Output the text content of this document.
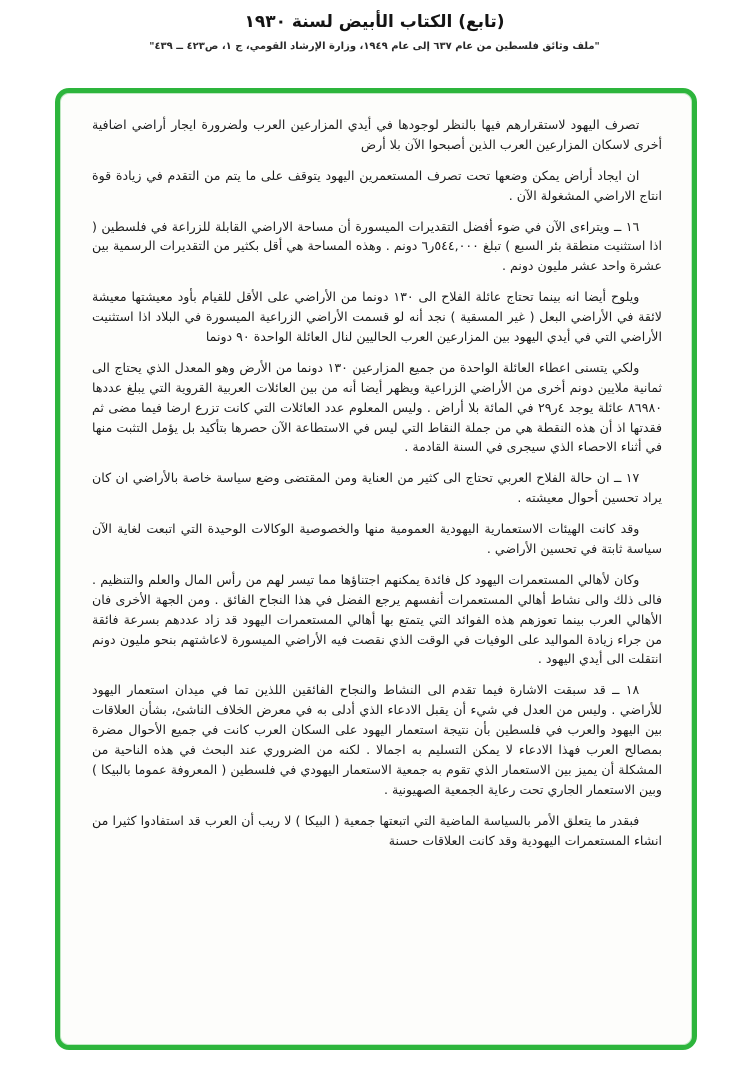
(تابع) الكتاب الأبيض لسنة ١٩٣٠
"ملف وثائق فلسطين من عام ٦٣٧ إلى عام ١٩٤٩، وزارة الإرشاد القومي، ج ١، ص٤٢٣ ــ ٤٣٩"

تصرف اليهود لاستقرارهم فيها بالنظر لوجودها في أيدي المزارعين العرب ولضرورة ايجار أراضي اضافية أخرى لاسكان المزارعين العرب الذين أصبحوا الآن بلا أرض

ان ايجاد أراض يمكن وضعها تحت تصرف المستعمرين اليهود يتوقف على ما يتم من التقدم في زيادة قوة انتاج الاراضي المشغولة الآن .

١٦ ــ ويتراءى الآن في ضوء أفضل التقديرات الميسورة أن مساحة الاراضي القابلة للزراعة في فلسطين ( اذا استثنيت منطقة بئر السبع ) تبلغ ٥٤٤,٠٠٠ر٦ دونم . وهذه المساحة هي أقل بكثير من التقديرات الرسمية بين عشرة واحد عشر مليون دونم .

ويلوح أيضا انه بينما تحتاج عائلة الفلاح الى ١٣٠ دونما من الأراضي على الأقل للقيام بأود معيشتها معيشة لائقة في الأراضي البعل ( غير المسقية ) نجد أنه لو قسمت الأراضي الزراعية الميسورة في البلاد اذا استثنيت الأراضي التي في أيدي اليهود بين المزارعين العرب الحاليين لنال العائلة الواحدة ٩٠ دونما

ولكي يتسنى اعطاء العائلة الواحدة من جميع المزارعين ١٣٠ دونما من الأرض وهو المعدل الذي يحتاج الى ثمانية ملايين دونم أخرى من الأراضي الزراعية ويظهر أيضا أنه من بين العائلات العربية القروية التي يبلغ عددها ٨٦٩٨٠ عائلة يوجد ٤ر٢٩ في المائة بلا أراض . وليس المعلوم عدد العائلات التي كانت تزرع ارضا فيما مضى ثم فقدتها اذ أن هذه النقطة هي من جملة النقاط التي ليس في الاستطاعة الآن حصرها بتأكيد بل يؤمل التثبت منها في أثناء الاحصاء الذي سيجرى في السنة القادمة .

١٧ ــ ان حالة الفلاح العربي تحتاج الى كثير من العناية ومن المقتضى وضع سياسة خاصة بالأراضي ان كان يراد تحسين أحوال معيشته .

وقد كانت الهيئات الاستعمارية اليهودية العمومية منها والخصوصية الوكالات الوحيدة التي اتبعت لغاية الآن سياسة ثابتة في تحسين الأراضي .

وكان لأهالي المستعمرات اليهود كل فائدة يمكنهم اجتناؤها مما تيسر لهم من رأس المال والعلم والتنظيم . فالى ذلك والى نشاط أهالي المستعمرات أنفسهم يرجع الفضل في هذا النجاح الفائق . ومن الجهة الأخرى فان الأهالي العرب بينما تعوزهم هذه الفوائد التي يتمتع بها أهالي المستعمرات اليهود قد زاد عددهم بسرعة فائقة من جراء زيادة المواليد على الوفيات في الوقت الذي نقصت فيه الأراضي الميسورة لاعاشتهم بنحو مليون دونم انتقلت الى أيدي اليهود .

١٨ ــ قد سبقت الاشارة فيما تقدم الى النشاط والنجاح الفائقين اللذين تما في ميدان استعمار اليهود للأراضي . وليس من العدل في شيء أن يقبل الادعاء الذي أدلى به في معرض الخلاف الناشئ، بشأن العلاقات بين اليهود والعرب في فلسطين بأن نتيجة استعمار اليهود على السكان العرب كانت في جميع الأحوال مضرة بمصالح العرب فهذا الادعاء لا يمكن التسليم به اجمالا . لكنه من الضروري عند البحث في هذه الناحية من المشكلة أن يميز بين الاستعمار الذي تقوم به جمعية الاستعمار اليهودي في فلسطين ( المعروفة عموما بالبيكا ) وبين الاستعمار الجاري تحت رعاية الجمعية الصهيونية .

فبقدر ما يتعلق الأمر بالسياسة الماضية التي اتبعتها جمعية ( البيكا ) لا ريب أن العرب قد استفادوا كثيرا من انشاء المستعمرات اليهودية وقد كانت العلاقات حسنة
